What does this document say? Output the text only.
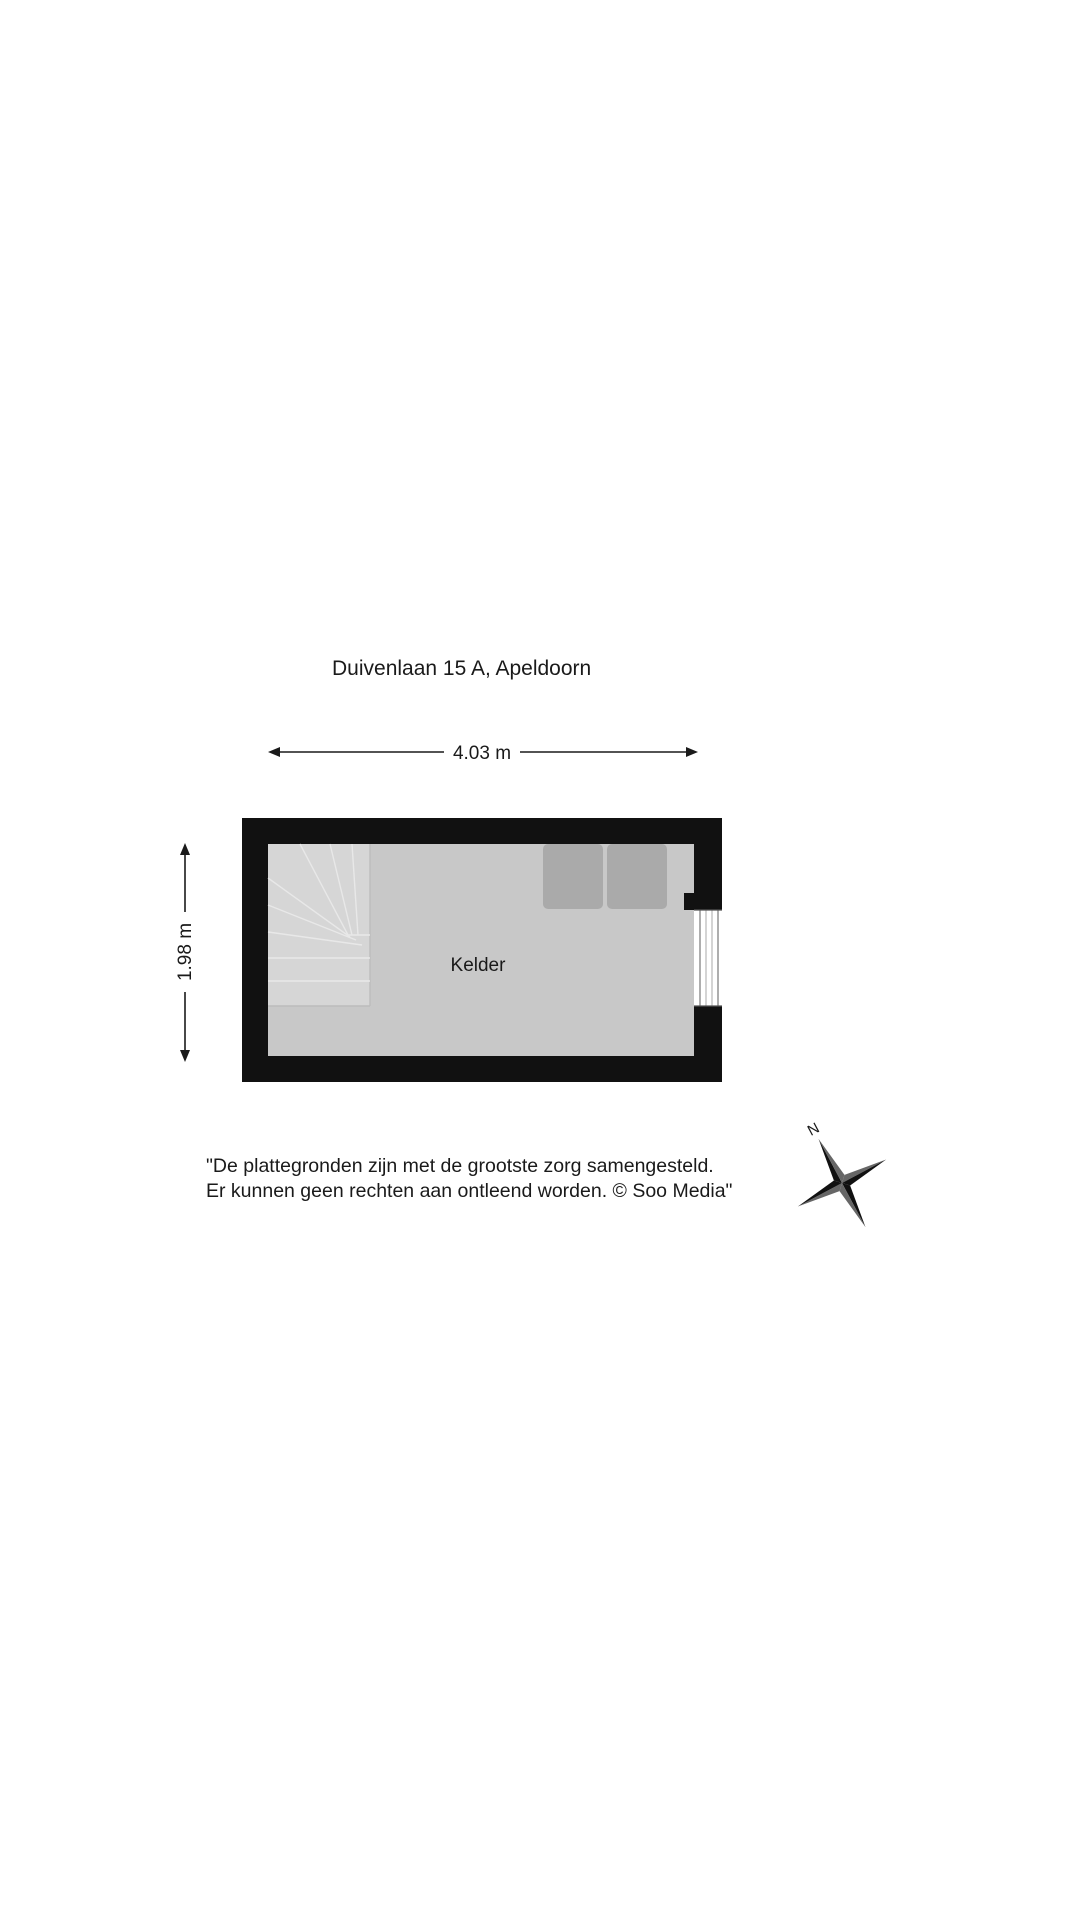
Duivenlaan 15 A, Apeldoorn
4.03 m
1.98 m	Kelder
N
"De plattegronden zijn met de grootste zorg samengesteld.
Er kunnen geen rechten aan ontleend worden. © Soo Media"
